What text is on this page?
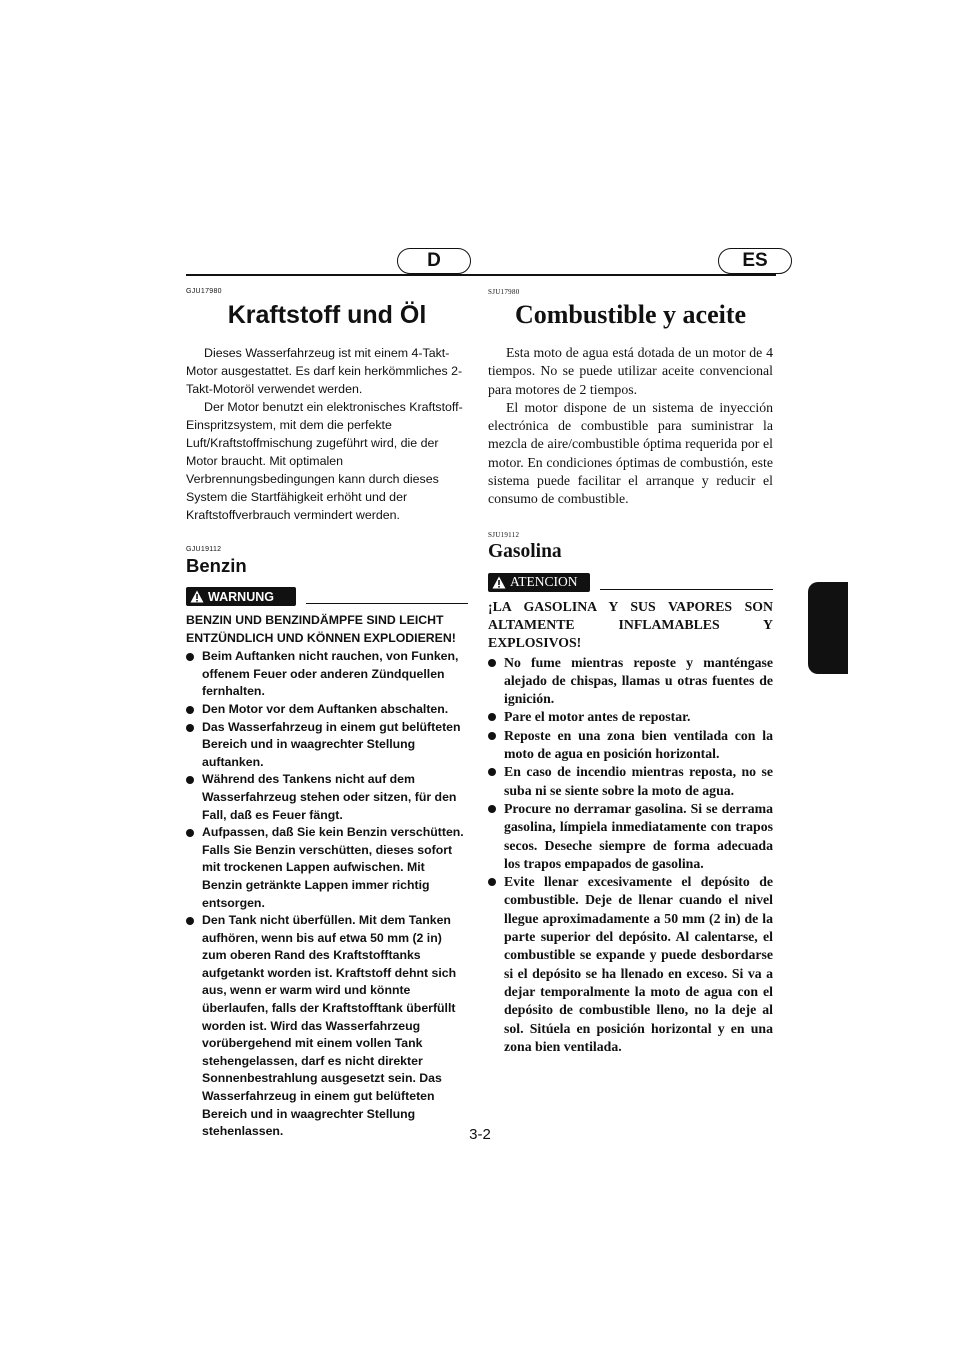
D	ES

GJU17980

Kraftstoff und Öl

Dieses Wasserfahrzeug ist mit einem 4-Takt-Motor ausgestattet. Es darf kein herkömmliches 2-Takt-Motoröl verwendet werden.

Der Motor benutzt ein elektronisches Kraftstoff-Einspritzsystem, mit dem die perfekte Luft/Kraftstoffmischung zugeführt wird, die der Motor braucht. Mit optimalen Verbrennungsbedingungen kann durch dieses System die Startfähigkeit erhöht und der Kraftstoffverbrauch vermindert werden.

GJU19112

Benzin
WARNUNG

BENZIN UND BENZINDÄMPFE SIND LEICHT ENTZÜNDLICH UND KÖNNEN EXPLODIEREN!

Beim Auftanken nicht rauchen, von Funken, offenem Feuer oder anderen Zündquellen fernhalten.
Den Motor vor dem Auftanken abschalten.
Das Wasserfahrzeug in einem gut belüfteten Bereich und in waagrechter Stellung auftanken.
Während des Tankens nicht auf dem Wasserfahrzeug stehen oder sitzen, für den Fall, daß es Feuer fängt.
Aufpassen, daß Sie kein Benzin verschütten. Falls Sie Benzin verschütten, dieses sofort mit trockenen Lappen aufwischen. Mit Benzin getränkte Lappen immer richtig entsorgen.
Den Tank nicht überfüllen. Mit dem Tanken aufhören, wenn bis auf etwa 50 mm (2 in) zum oberen Rand des Kraftstofftanks aufgetankt worden ist. Kraftstoff dehnt sich aus, wenn er warm wird und könnte überlaufen, falls der Kraftstofftank überfüllt worden ist. Wird das Wasserfahrzeug vorübergehend mit einem vollen Tank stehengelassen, darf es nicht direkter Sonnenbestrahlung ausgesetzt sein. Das Wasserfahrzeug in einem gut belüfteten Bereich und in waagrechter Stellung stehenlassen.

SJU17980

Combustible y aceite

Esta moto de agua está dotada de un motor de 4 tiempos. No se puede utilizar aceite convencional para motores de 2 tiempos.

El motor dispone de un sistema de inyección electrónica de combustible para suministrar la mezcla de aire/combustible óptima requerida por el motor. En condiciones óptimas de combustión, este sistema puede facilitar el arranque y reducir el consumo de combustible.

SJU19112

Gasolina
ATENCION

¡LA GASOLINA Y SUS VAPORES SON ALTAMENTE INFLAMABLES Y EXPLOSIVOS!

No fume mientras reposte y manténgase alejado de chispas, llamas u otras fuentes de ignición.
Pare el motor antes de repostar.
Reposte en una zona bien ventilada con la moto de agua en posición horizontal.
En caso de incendio mientras reposta, no se suba ni se siente sobre la moto de agua.
Procure no derramar gasolina. Si se derrama gasolina, límpiela inmediatamente con trapos secos. Deseche siempre de forma adecuada los trapos empapados de gasolina.
Evite llenar excesivamente el depósito de combustible. Deje de llenar cuando el nivel llegue aproximadamente a 50 mm (2 in) de la parte superior del depósito. Al calentarse, el combustible se expande y puede desbordarse si el depósito se ha llenado en exceso. Si va a dejar temporalmente la moto de agua con el depósito de combustible lleno, no la deje al sol. Sitúela en posición horizontal y en una zona bien ventilada.
3-2
